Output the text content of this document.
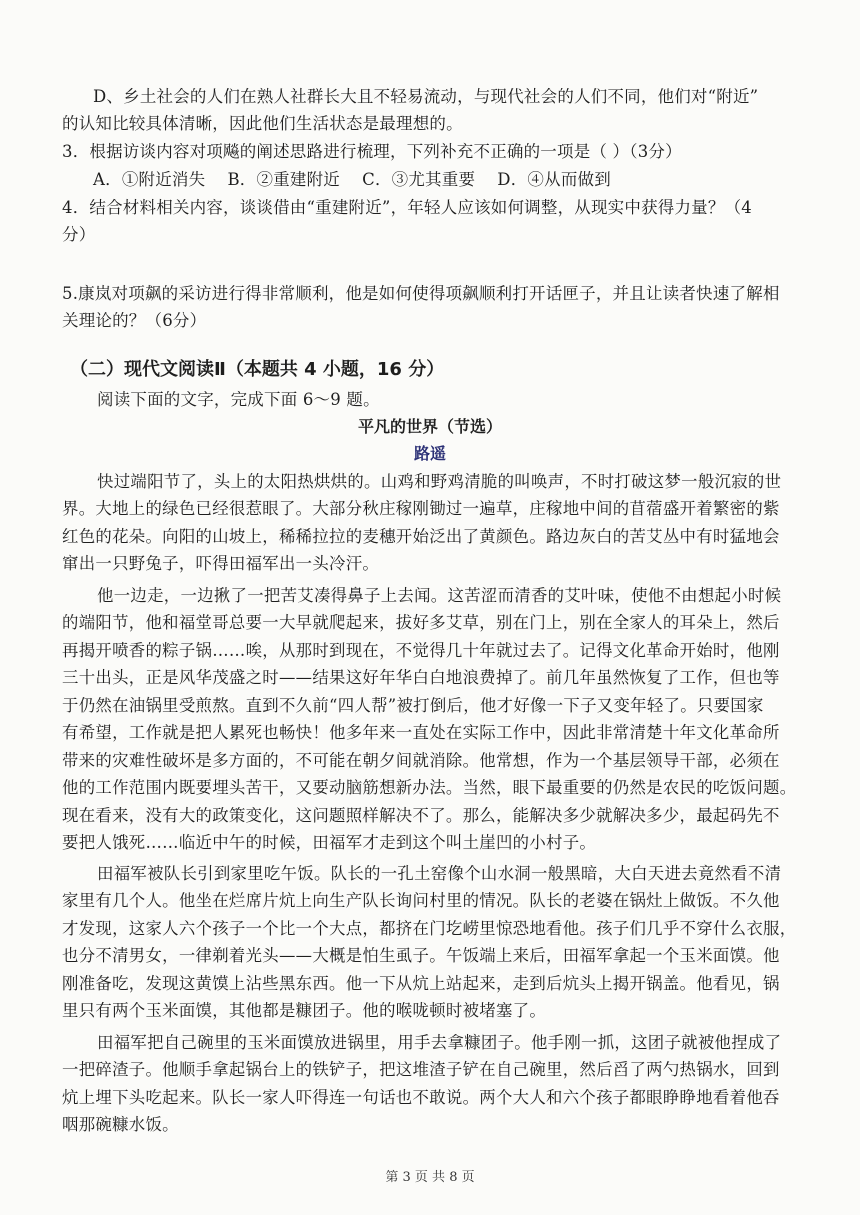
D、乡土社会的人们在熟人社群长大且不轻易流动，与现代社会的人们不同，他们对“附近”
的认知比较具体清晰，因此他们生活状态是最理想的。
3．根据访谈内容对项飚的阐述思路进行梳理，下列补充不正确的一项是（ ）（3分）
A．①附近消失　 B．②重建附近　 C．③尤其重要　 D．④从而做到
4．结合材料相关内容，谈谈借由“重建附近”，年轻人应该如何调整，从现实中获得力量？（4
分）
5.康岚对项飙的采访进行得非常顺利，他是如何使得项飙顺利打开话匣子，并且让读者快速了解相
关理论的？（6分）
（二）现代文阅读Ⅱ（本题共 4 小题，16 分）
阅读下面的文字，完成下面 6～9 题。
平凡的世界（节选）
路遥
快过端阳节了，头上的太阳热烘烘的。山鸡和野鸡清脆的叫唤声，不时打破这梦一般沉寂的世
界。大地上的绿色已经很惹眼了。大部分秋庄稼刚锄过一遍草，庄稼地中间的苜蓿盛开着繁密的紫
红色的花朵。向阳的山坡上，稀稀拉拉的麦穗开始泛出了黄颜色。路边灰白的苦艾丛中有时猛地会
窜出一只野兔子，吓得田福军出一头冷汗。
他一边走，一边揪了一把苦艾凑得鼻子上去闻。这苦涩而清香的艾叶味，使他不由想起小时候
的端阳节，他和福堂哥总要一大早就爬起来，拔好多艾草，别在门上，别在全家人的耳朵上，然后
再揭开喷香的粽子锅……唉，从那时到现在，不觉得几十年就过去了。记得文化革命开始时，他刚
三十出头，正是风华茂盛之时——结果这好年华白白地浪费掉了。前几年虽然恢复了工作，但也等
于仍然在油锅里受煎熬。直到不久前“四人帮”被打倒后，他才好像一下子又变年轻了。只要国家
有希望，工作就是把人累死也畅快！他多年来一直处在实际工作中，因此非常清楚十年文化革命所
带来的灾难性破坏是多方面的，不可能在朝夕间就消除。他常想，作为一个基层领导干部，必须在
他的工作范围内既要埋头苦干，又要动脑筋想新办法。当然，眼下最重要的仍然是农民的吃饭问题。
现在看来，没有大的政策变化，这问题照样解决不了。那么，能解决多少就解决多少，最起码先不
要把人饿死……临近中午的时候，田福军才走到这个叫土崖凹的小村子。
田福军被队长引到家里吃午饭。队长的一孔土窑像个山水洞一般黑暗，大白天进去竟然看不清
家里有几个人。他坐在烂席片炕上向生产队长询问村里的情况。队长的老婆在锅灶上做饭。不久他
才发现，这家人六个孩子一个比一个大点，都挤在门圪崂里惊恐地看他。孩子们几乎不穿什么衣服，
也分不清男女，一律剃着光头——大概是怕生虱子。午饭端上来后，田福军拿起一个玉米面馍。他
刚准备吃，发现这黄馍上沾些黑东西。他一下从炕上站起来，走到后炕头上揭开锅盖。他看见，锅
里只有两个玉米面馍，其他都是糠团子。他的喉咙顿时被堵塞了。
田福军把自己碗里的玉米面馍放进锅里，用手去拿糠团子。他手刚一抓，这团子就被他捏成了
一把碎渣子。他顺手拿起锅台上的铁铲子，把这堆渣子铲在自己碗里，然后舀了两勺热锅水，回到
炕上埋下头吃起来。队长一家人吓得连一句话也不敢说。两个大人和六个孩子都眼睁睁地看着他吞
咽那碗糠水饭。
第 3 页 共 8 页
